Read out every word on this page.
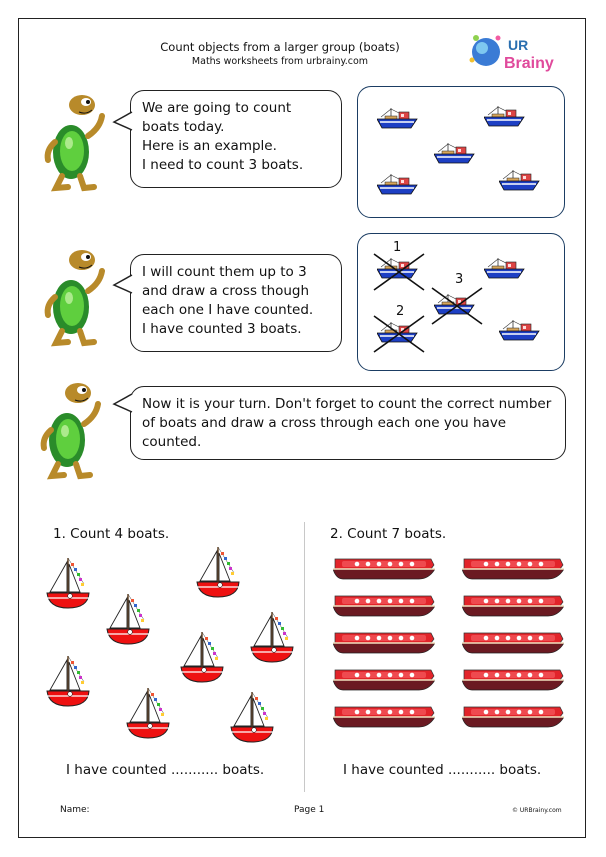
Count objects from a larger group (boats)
Maths worksheets from urbrainy.com
UR
Brainy
We are going to count
boats today.
Here is an example.
I need to count 3 boats.
I will count them up to 3
and draw a cross though
each one I have counted.
I have counted 3 boats.
Now it is your turn. Don't forget to count the correct number
of boats and draw a cross through each one you have
counted.
1
2
3
1. Count 4 boats.
I have counted ........... boats.
2. Count 7 boats.
I have counted ........... boats.
Name:	Page 1	© URBrainy.com
